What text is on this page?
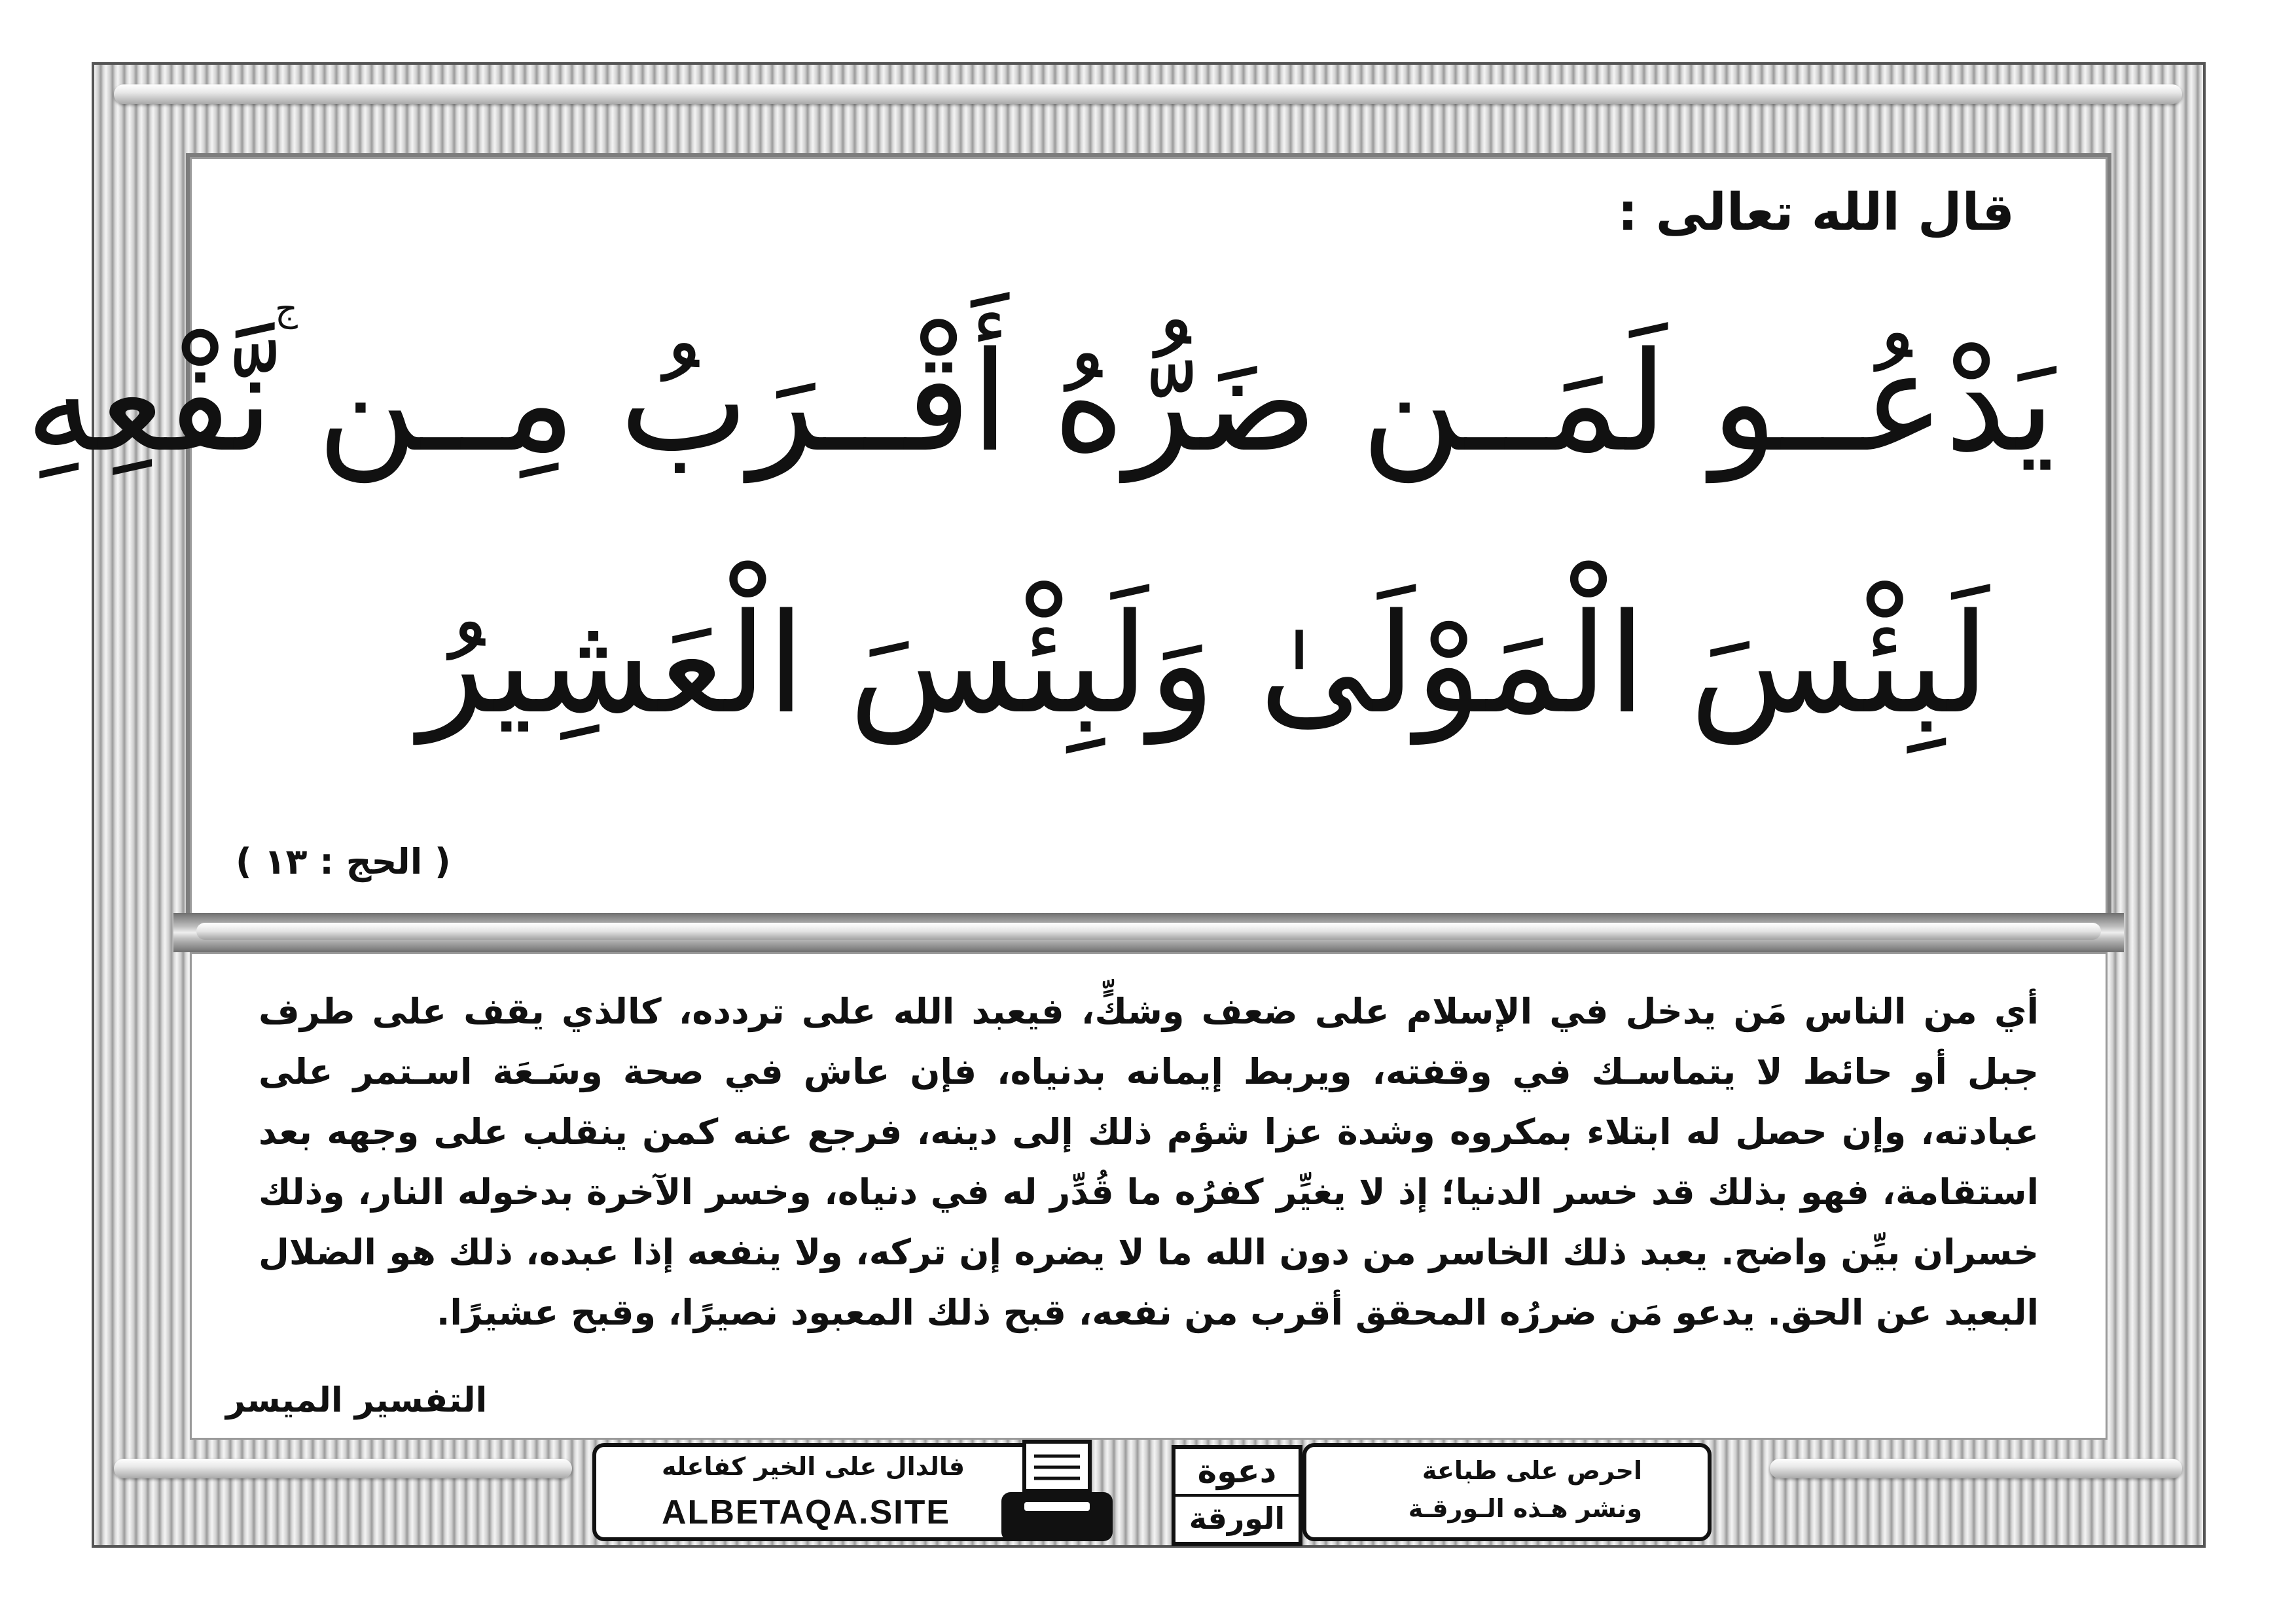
قال الله تعالى :
ج
يَدْعُــو لَمَــن ضَرُّهُ أَقْــرَبُ مِــن نَّفْعِهِ
لَبِئْسَ الْمَوْلَىٰ وَلَبِئْسَ الْعَشِيرُ
( الحج : ١٣ )
أي من الناس مَن يدخل في الإسلام على ضعف وشكٍّ، فيعبد الله على تردده، كالذي يقف على طرف جبل أو حائط لا يتماسـك في وقفته، ويربط إيمانه بدنياه، فإن عاش في صحة وسَـعَة اسـتمر على عبادته، وإن حصل له ابتلاء بمكروه وشدة عزا شؤم ذلك إلى دينه، فرجع عنه كمن ينقلب على وجهه بعد استقامة، فهو بذلك قد خسر الدنيا؛ إذ لا يغيِّر كفرُه ما قُدِّر له في دنياه، وخسر الآخرة بدخوله النار، وذلك خسران بيِّن واضح. يعبد ذلك الخاسر من دون الله ما لا يضره إن تركه، ولا ينفعه إذا عبده، ذلك هو الضلال البعيد عن الحق. يدعو مَن ضررُه المحقق أقرب من نفعه، قبح ذلك المعبود نصيرًا، وقبح عشيرًا.
التفسير الميسر
فالدال على الخير كفاعله
ALBETAQA.SITE
دعوة
الورقة
احرص على طباعة
ونشر هـذه الـورقـة
